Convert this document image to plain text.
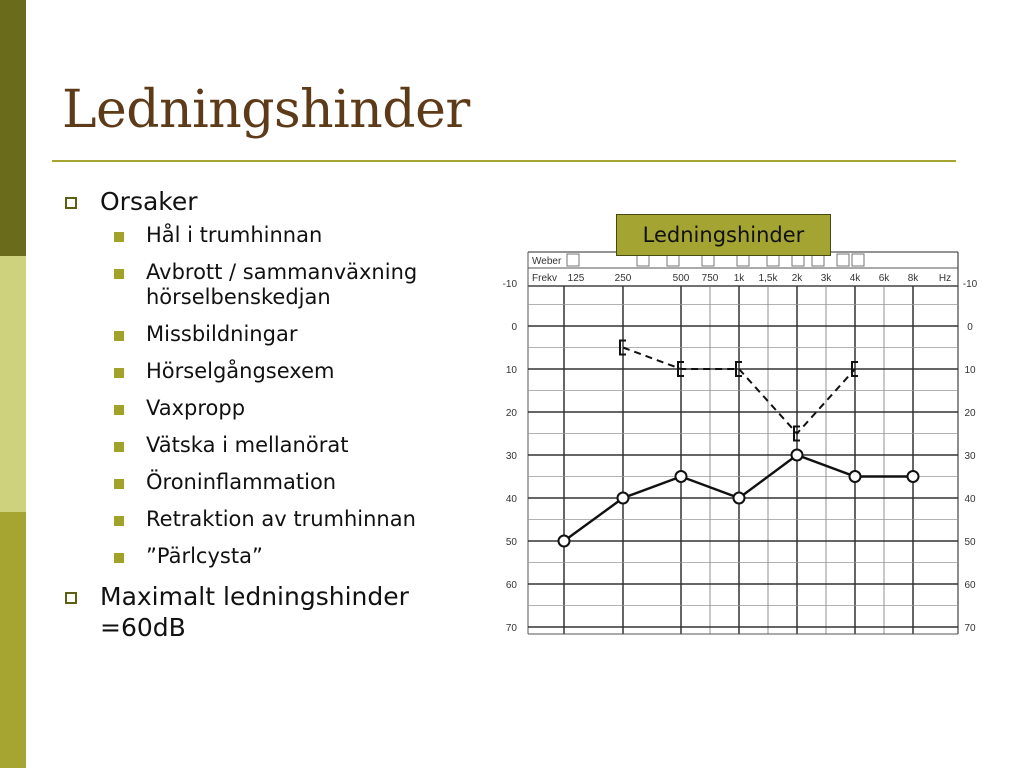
Ledningshinder
Orsaker
Hål i trumhinnan
Avbrott / sammanväxning hörselbenskedjan
Missbildningar
Hörselgångsexem
Vaxpropp
Vätska i mellanörat
Öroninflammation
Retraktion av trumhinnan
”Pärlcysta”
Maximalt ledningshinder =60dB
Weber
Frekv	Hz
125	250	500 750 1k 1,5k 2k 3k 4k 6k 8k
-10
0
10
20
30
40
50
60
70
-10
0
10
20
30
40
50
60
70
Ledningshinder
